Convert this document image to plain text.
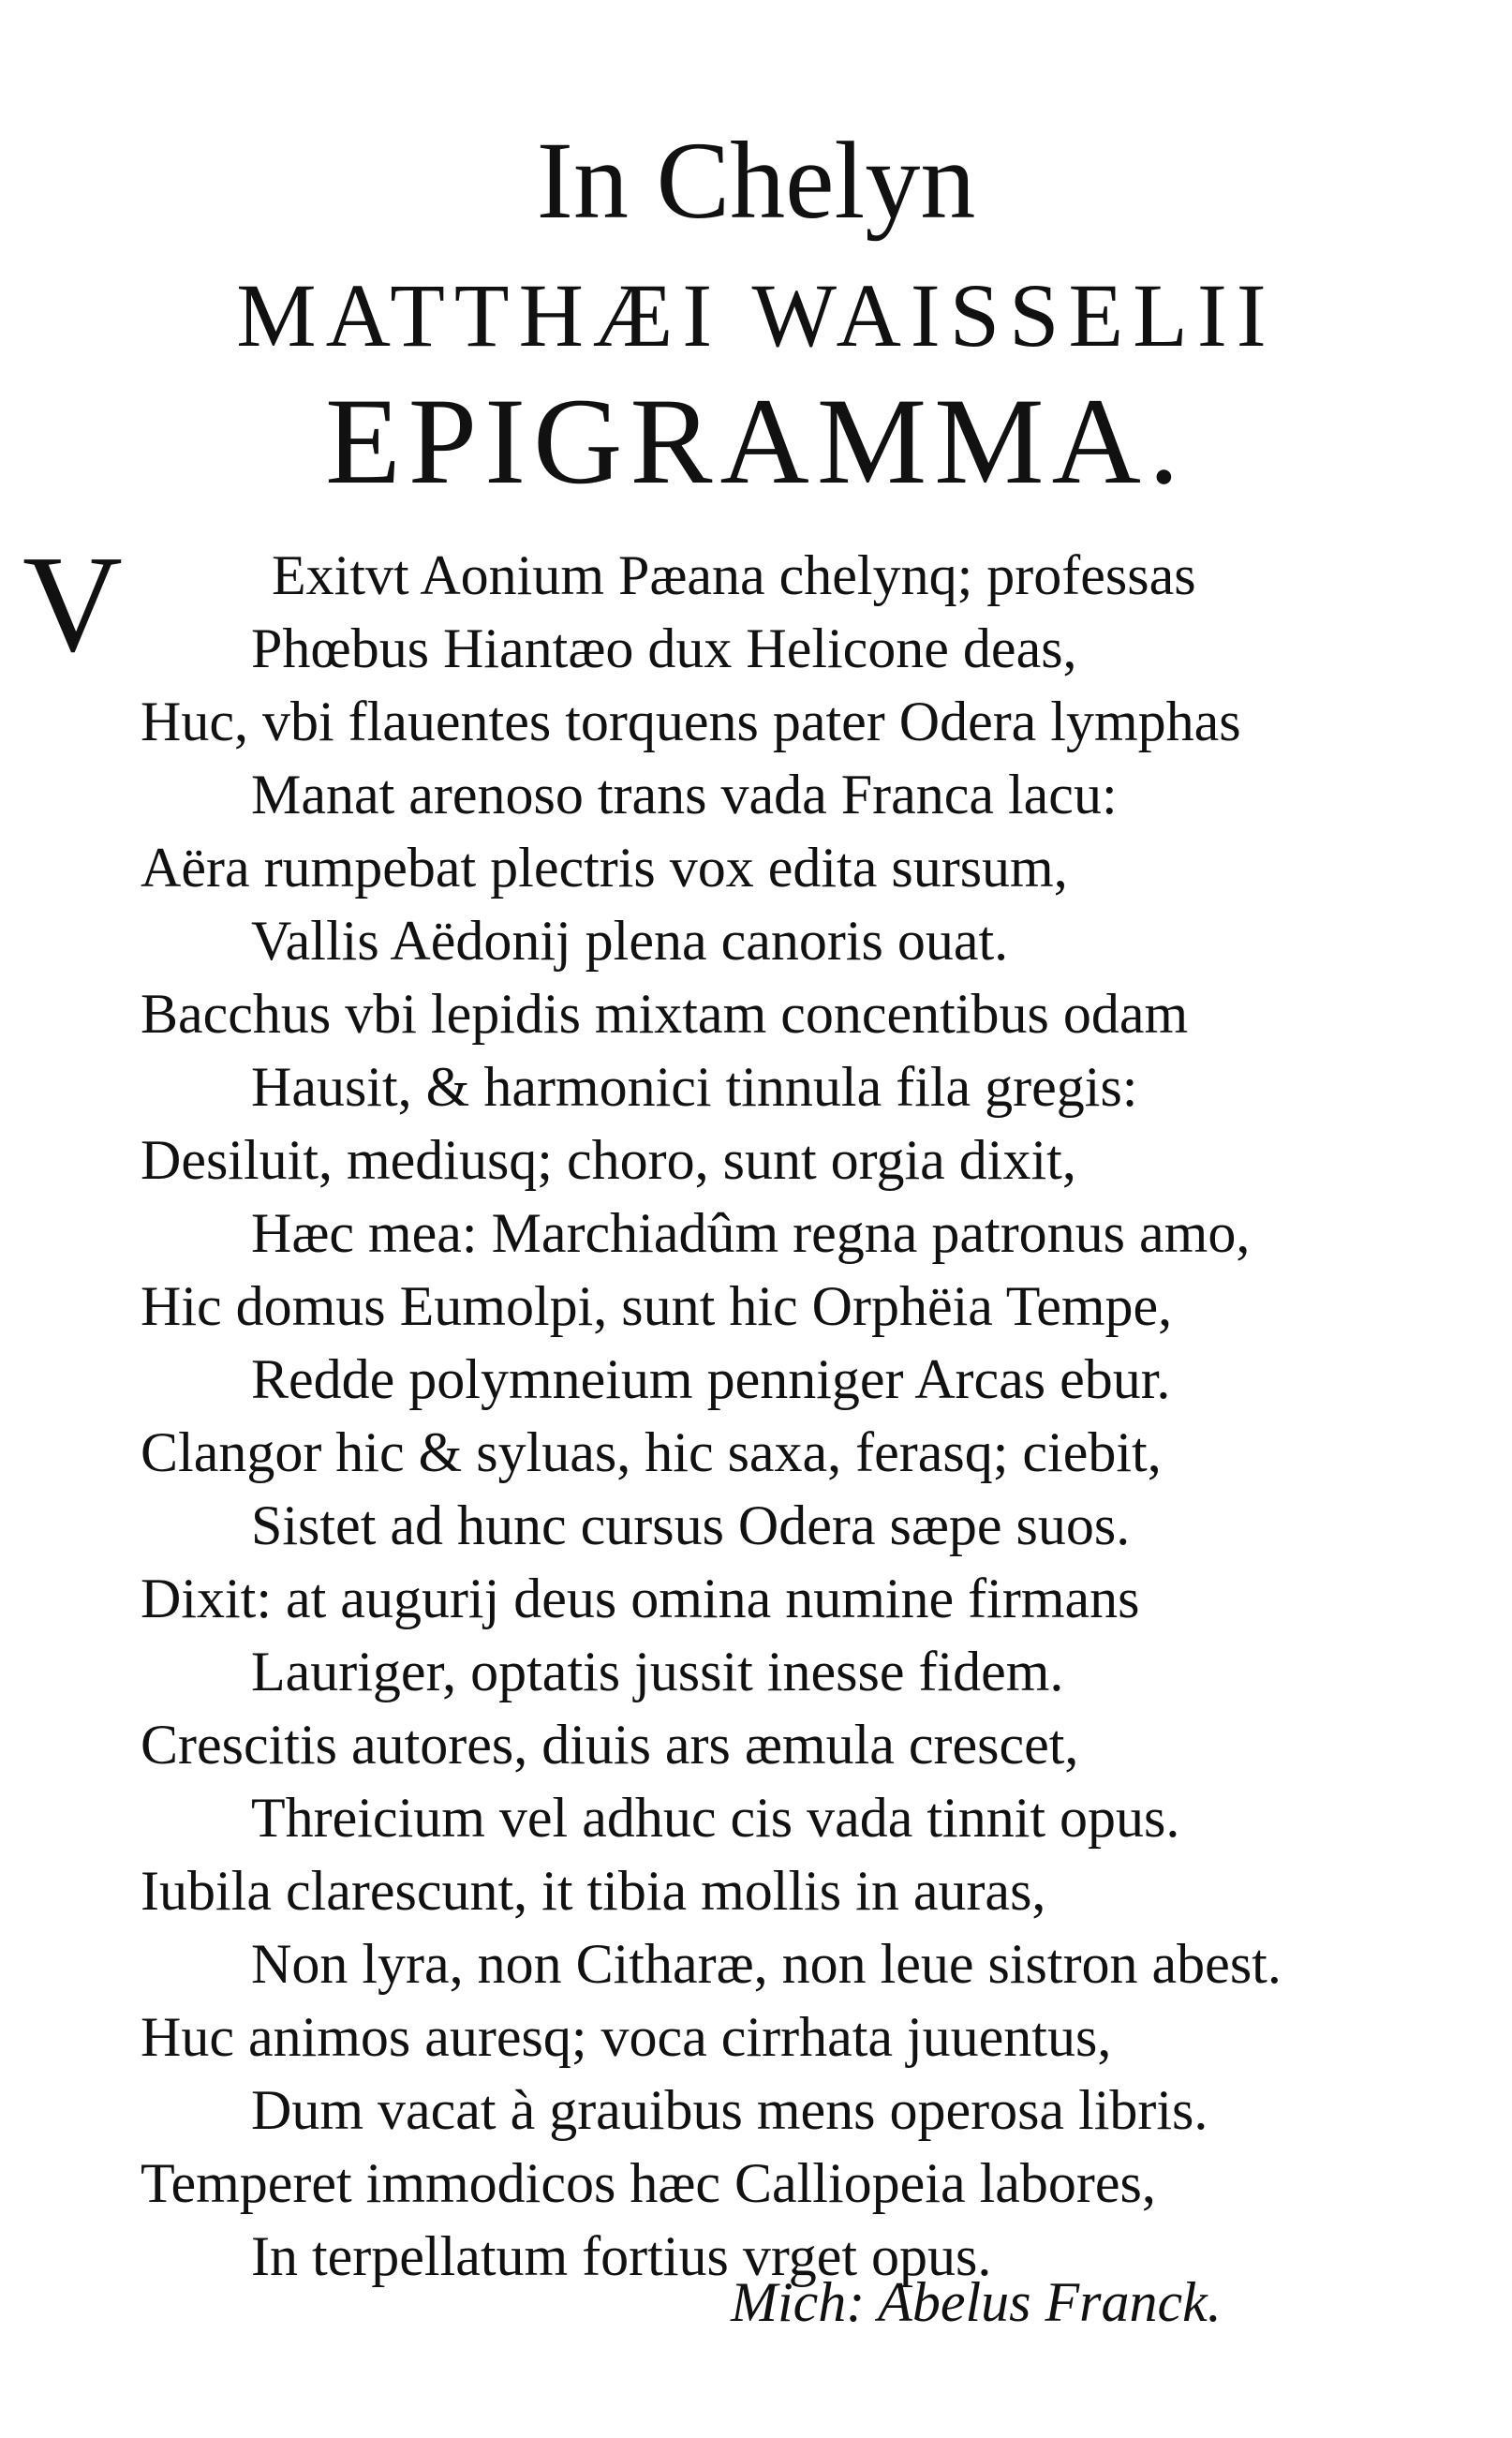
In Chelyn
MATTHÆI WAISSELII
EPIGRAMMA.
V	Exitvt Aonium Pæana chelynq; professas
Phœbus Hiantæo dux Helicone deas,
Huc, vbi flauentes torquens pater Odera lymphas
Manat arenoso trans vada Franca lacu:
Aëra rumpebat plectris vox edita sursum,
Vallis Aëdonij plena canoris ouat.
Bacchus vbi lepidis mixtam concentibus odam
Hausit, & harmonici tinnula fila gregis:
Desiluit, mediusq; choro, sunt orgia dixit,
Hæc mea: Marchiadûm regna patronus amo,
Hic domus Eumolpi, sunt hic Orphëia Tempe,
Redde polymneium penniger Arcas ebur.
Clangor hic & syluas, hic saxa, ferasq; ciebit,
Sistet ad hunc cursus Odera sæpe suos.
Dixit: at augurij deus omina numine firmans
Lauriger, optatis jussit inesse fidem.
Crescitis autores, diuis ars æmula crescet,
Threicium vel adhuc cis vada tinnit opus.
Iubila clarescunt, it tibia mollis in auras,
Non lyra, non Citharæ, non leue sistron abest.
Huc animos auresq; voca cirrhata juuentus,
Dum vacat à grauibus mens operosa libris.
Temperet immodicos hæc Calliopeia labores,
In terpellatum fortius vrget opus.
Mich: Abelus Franck.
